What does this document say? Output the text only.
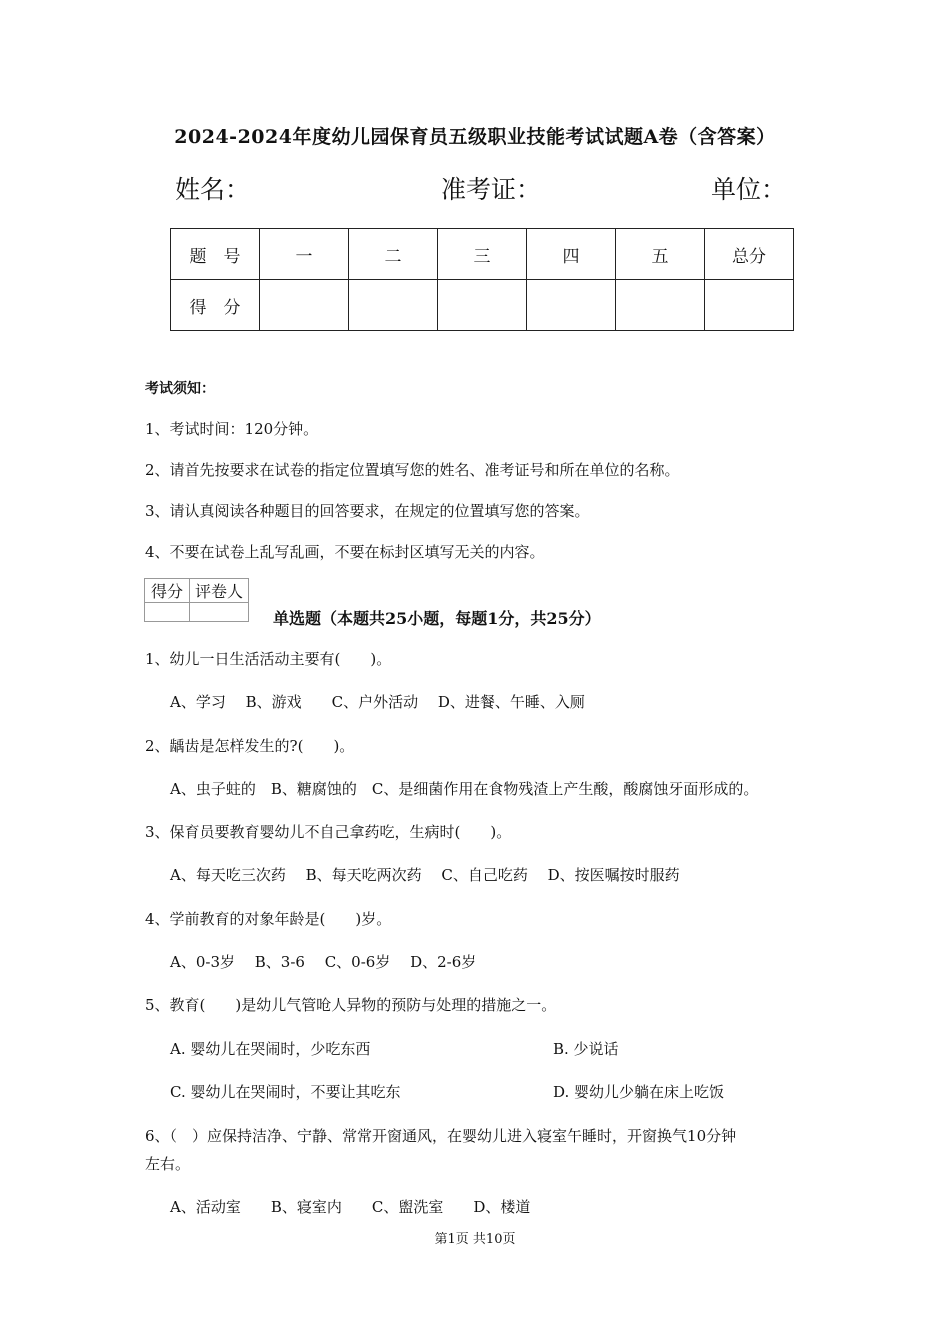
2024-2024年度幼儿园保育员五级职业技能考试试题A卷（含答案）
姓名：	准考证：	单位：
题　号	一	二	三	四	五	总分
得　分						
考试须知：
1、考试时间：120分钟。
2、请首先按要求在试卷的指定位置填写您的姓名、准考证号和所在单位的名称。
3、请认真阅读各种题目的回答要求，在规定的位置填写您的答案。
4、不要在试卷上乱写乱画，不要在标封区填写无关的内容。
得分	评卷人

单选题（本题共25小题，每题1分，共25分）
1、幼儿一日生活活动主要有(　　)。
A、学习　 B、游戏　　C、户外活动　 D、进餐、午睡、入厕
2、龋齿是怎样发生的?(　　)。
A、虫子蛀的　B、糖腐蚀的　C、是细菌作用在食物残渣上产生酸，酸腐蚀牙面形成的。
3、保育员要教育婴幼儿不自己拿药吃，生病时(　　)。
A、每天吃三次药　 B、每天吃两次药　 C、自己吃药　 D、按医嘱按时服药
4、学前教育的对象年龄是(　　)岁。
A、0-3岁　 B、3-6　 C、0-6岁　 D、2-6岁
5、教育(　　)是幼儿气管呛人异物的预防与处理的措施之一。
A. 婴幼儿在哭闹时，少吃东西	B. 少说话
C. 婴幼儿在哭闹时，不要让其吃东	D. 婴幼儿少躺在床上吃饭
6、（　）应保持洁净、宁静、常常开窗通风，在婴幼儿进入寝室午睡时，开窗换气10分钟
左右。
A、活动室　　B、寝室内　　C、盥洗室　　D、楼道
第1页 共10页
